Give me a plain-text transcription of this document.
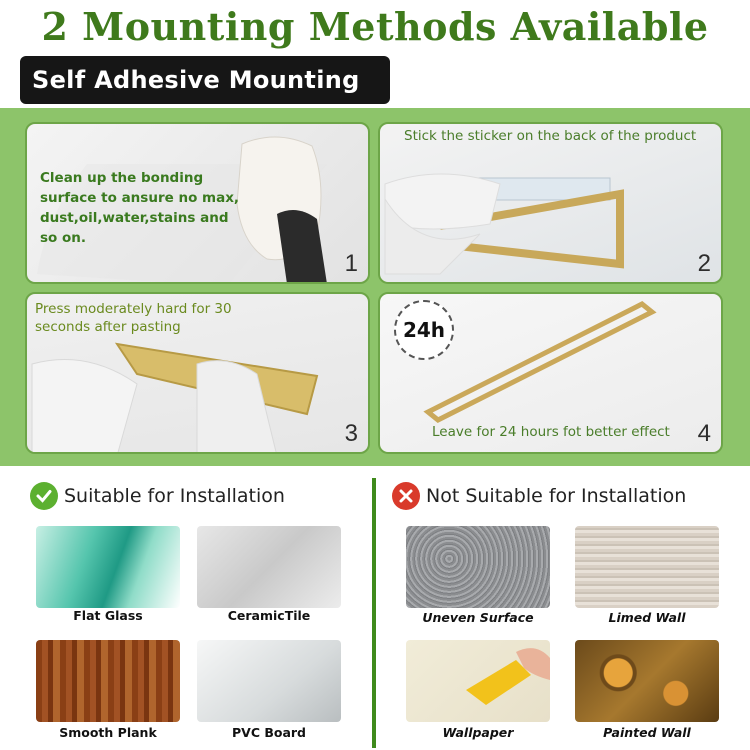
2 Mounting Methods Available
Self Adhesive Mounting
Clean up the bonding surface to ansure no max, dust,oil,water,stains and so on.
1
Stick the sticker on the back of the product
2
Press moderately hard for 30 seconds after pasting
3
24h
Leave for 24 hours fot better effect 4
Suitable for Installation	Not Suitable for Installation
Flat Glass	CeramicTile
Smooth Plank	PVC Board
Uneven Surface	Limed Wall
Wallpaper	Painted Wall
